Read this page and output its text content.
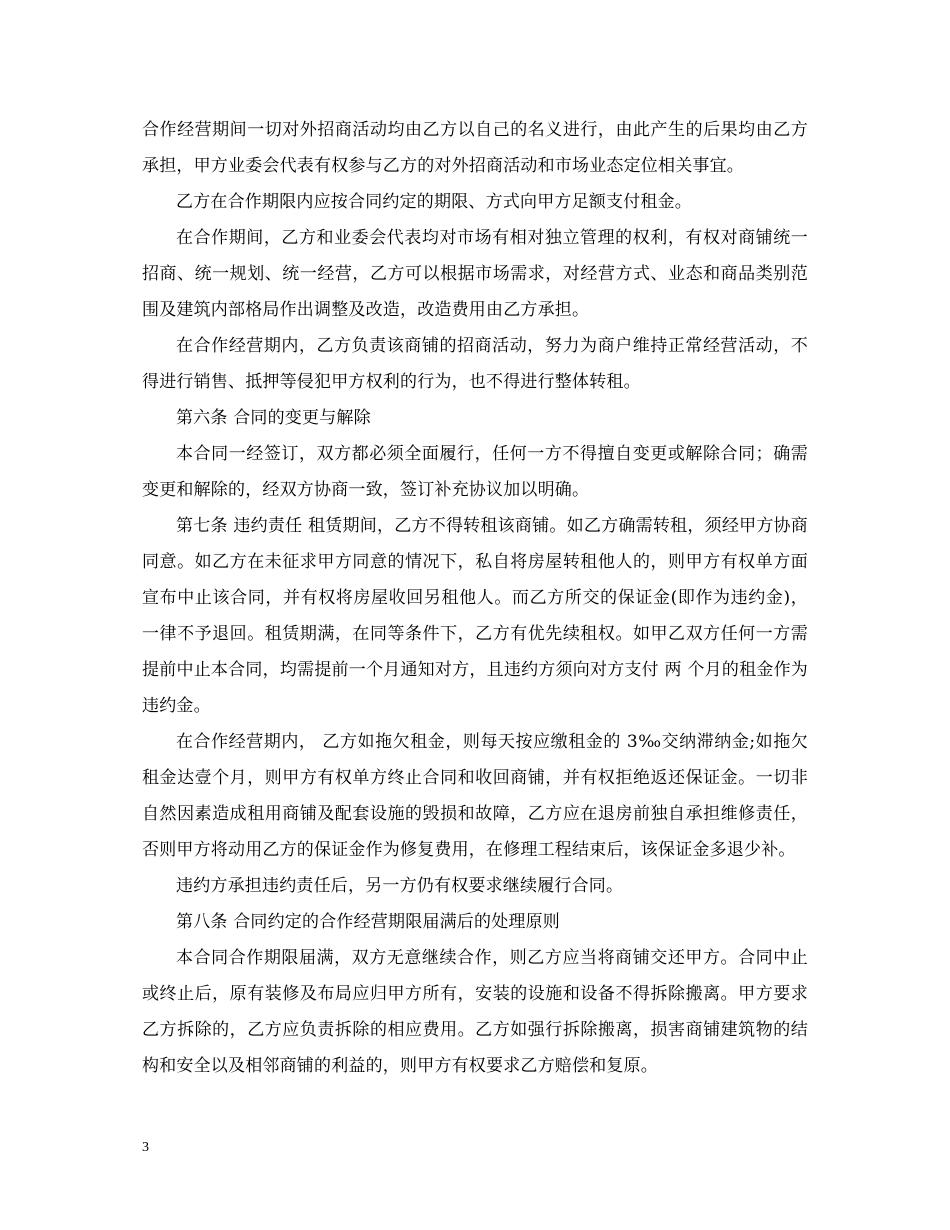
合作经营期间一切对外招商活动均由乙方以自己的名义进行，由此产生的后果均由乙方承担，甲方业委会代表有权参与乙方的对外招商活动和市场业态定位相关事宜。

乙方在合作期限内应按合同约定的期限、方式向甲方足额支付租金。

在合作期间，乙方和业委会代表均对市场有相对独立管理的权利，有权对商铺统一招商、统一规划、统一经营，乙方可以根据市场需求，对经营方式、业态和商品类别范围及建筑内部格局作出调整及改造，改造费用由乙方承担。

在合作经营期内，乙方负责该商铺的招商活动，努力为商户维持正常经营活动，不得进行销售、抵押等侵犯甲方权利的行为，也不得进行整体转租。

第六条 合同的变更与解除

本合同一经签订，双方都必须全面履行，任何一方不得擅自变更或解除合同；确需变更和解除的，经双方协商一致，签订补充协议加以明确。

第七条 违约责任 租赁期间，乙方不得转租该商铺。如乙方确需转租，须经甲方协商同意。如乙方在未征求甲方同意的情况下，私自将房屋转租他人的，则甲方有权单方面宣布中止该合同，并有权将房屋收回另租他人。而乙方所交的保证金(即作为违约金)，一律不予退回。租赁期满，在同等条件下，乙方有优先续租权。如甲乙双方任何一方需提前中止本合同，均需提前一个月通知对方，且违约方须向对方支付 两 个月的租金作为违约金。

在合作经营期内， 乙方如拖欠租金，则每天按应缴租金的 3‰交纳滞纳金;如拖欠租金达壹个月，则甲方有权单方终止合同和收回商铺，并有权拒绝返还保证金。一切非自然因素造成租用商铺及配套设施的毁损和故障，乙方应在退房前独自承担维修责任，否则甲方将动用乙方的保证金作为修复费用，在修理工程结束后，该保证金多退少补。

违约方承担违约责任后，另一方仍有权要求继续履行合同。

第八条 合同约定的合作经营期限届满后的处理原则

本合同合作期限届满，双方无意继续合作，则乙方应当将商铺交还甲方。合同中止或终止后，原有装修及布局应归甲方所有，安装的设施和设备不得拆除搬离。甲方要求乙方拆除的，乙方应负责拆除的相应费用。乙方如强行拆除搬离，损害商铺建筑物的结构和安全以及相邻商铺的利益的，则甲方有权要求乙方赔偿和复原。

3
